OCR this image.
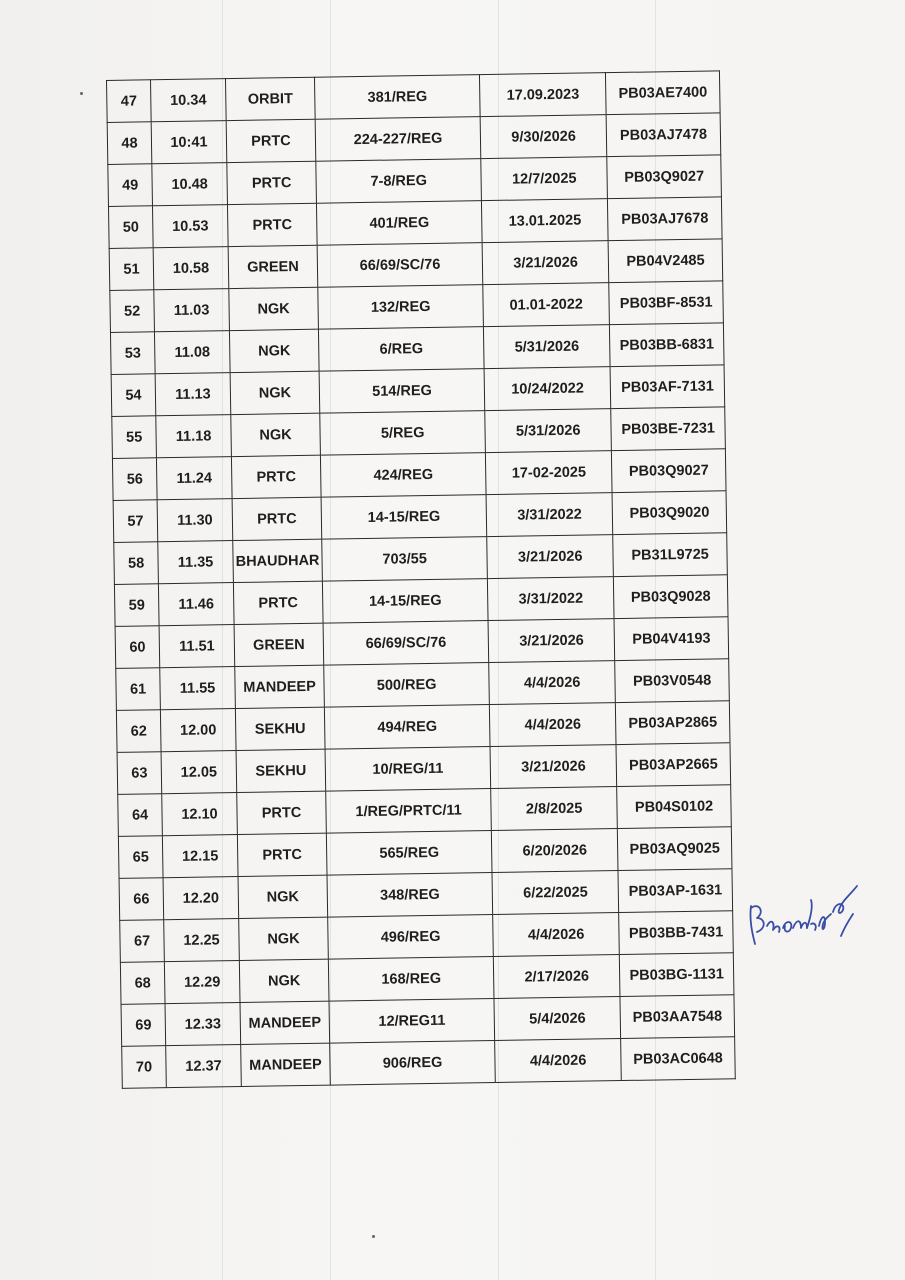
47	10.34	ORBIT	381/REG	17.09.2023	PB03AE7400
48	10:41	PRTC	224-227/REG	9/30/2026	PB03AJ7478
49	10.48	PRTC	7-8/REG	12/7/2025	PB03Q9027
50	10.53	PRTC	401/REG	13.01.2025	PB03AJ7678
51	10.58	GREEN	66/69/SC/76	3/21/2026	PB04V2485
52	11.03	NGK	132/REG	01.01-2022	PB03BF-8531
53	11.08	NGK	6/REG	5/31/2026	PB03BB-6831
54	11.13	NGK	514/REG	10/24/2022	PB03AF-7131
55	11.18	NGK	5/REG	5/31/2026	PB03BE-7231
56	11.24	PRTC	424/REG	17-02-2025	PB03Q9027
57	11.30	PRTC	14-15/REG	3/31/2022	PB03Q9020
58	11.35	BHAUDHAR	703/55	3/21/2026	PB31L9725
59	11.46	PRTC	14-15/REG	3/31/2022	PB03Q9028
60	11.51	GREEN	66/69/SC/76	3/21/2026	PB04V4193
61	11.55	MANDEEP	500/REG	4/4/2026	PB03V0548
62	12.00	SEKHU	494/REG	4/4/2026	PB03AP2865
63	12.05	SEKHU	10/REG/11	3/21/2026	PB03AP2665
64	12.10	PRTC	1/REG/PRTC/11	2/8/2025	PB04S0102
65	12.15	PRTC	565/REG	6/20/2026	PB03AQ9025
66	12.20	NGK	348/REG	6/22/2025	PB03AP-1631
67	12.25	NGK	496/REG	4/4/2026	PB03BB-7431
68	12.29	NGK	168/REG	2/17/2026	PB03BG-1131
69	12.33	MANDEEP	12/REG11	5/4/2026	PB03AA7548
70	12.37	MANDEEP	906/REG	4/4/2026	PB03AC0648
